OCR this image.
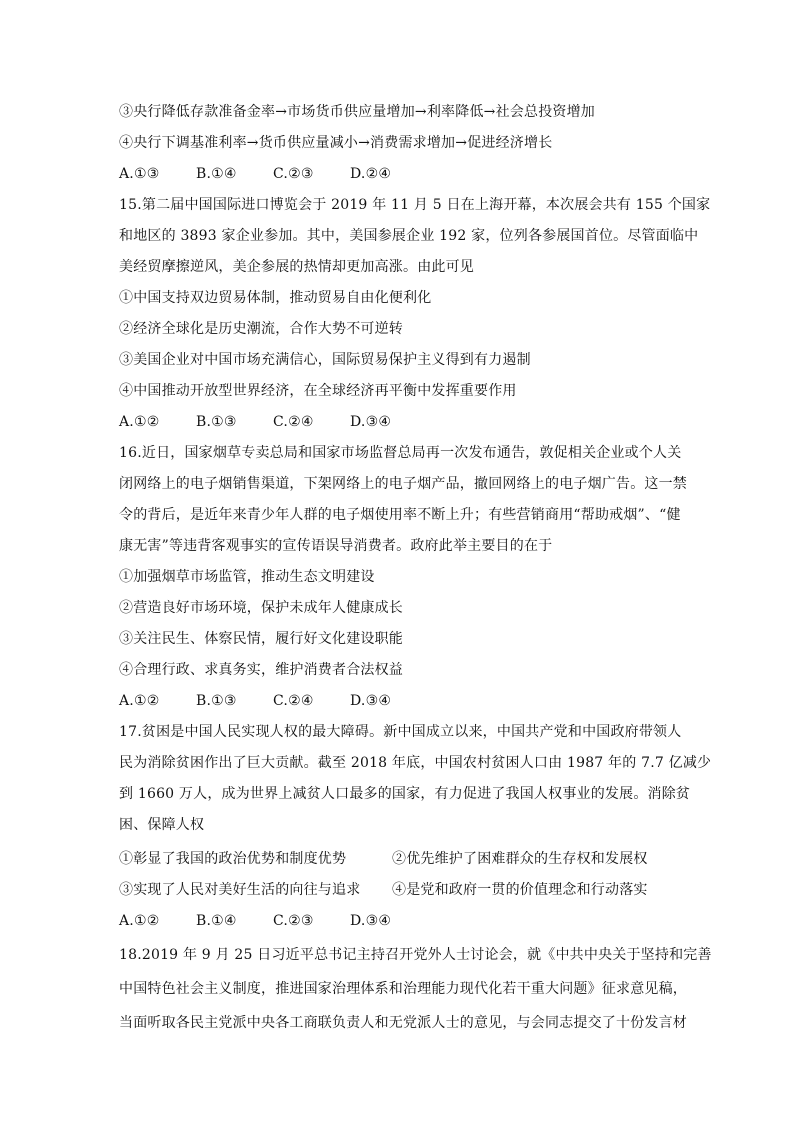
③央行降低存款准备金率→市场货币供应量增加→利率降低→社会总投资增加
④央行下调基准利率→货币供应量减小→消费需求增加→促进经济增长
A.①③	B.①④	C.②③	D.②④
15.第二届中国国际进口博览会于 2019 年 11 月 5 日在上海开幕，本次展会共有 155 个国家
和地区的 3893 家企业参加。其中，美国参展企业 192 家，位列各参展国首位。尽管面临中
美经贸摩擦逆风，美企参展的热情却更加高涨。由此可见
①中国支持双边贸易体制，推动贸易自由化便利化
②经济全球化是历史潮流，合作大势不可逆转
③美国企业对中国市场充满信心，国际贸易保护主义得到有力遏制
④中国推动开放型世界经济，在全球经济再平衡中发挥重要作用
A.①②	B.①③	C.②④	D.③④
16.近日，国家烟草专卖总局和国家市场监督总局再一次发布通告，敦促相关企业或个人关
闭网络上的电子烟销售渠道，下架网络上的电子烟产品，撤回网络上的电子烟广告。这一禁
令的背后，是近年来青少年人群的电子烟使用率不断上升；有些营销商用“帮助戒烟”、“健
康无害”等违背客观事实的宣传语误导消费者。政府此举主要目的在于
①加强烟草市场监管，推动生态文明建设
②营造良好市场环境，保护未成年人健康成长
③关注民生、体察民情，履行好文化建设职能
④合理行政、求真务实，维护消费者合法权益
A.①②	B.①③	C.②④	D.③④
17.贫困是中国人民实现人权的最大障碍。新中国成立以来，中国共产党和中国政府带领人
民为消除贫困作出了巨大贡献。截至 2018 年底，中国农村贫困人口由 1987 年的 7.7 亿减少
到 1660 万人，成为世界上减贫人口最多的国家，有力促进了我国人权事业的发展。消除贫
困、保障人权
①彰显了我国的政治优势和制度优势	②优先维护了困难群众的生存权和发展权
③实现了人民对美好生活的向往与追求 ④是党和政府一贯的价值理念和行动落实
A.①②	B.①④	C.②③	D.③④
18.2019 年 9 月 25 日习近平总书记主持召开党外人士讨论会，就《中共中央关于坚持和完善
中国特色社会主义制度，推进国家治理体系和治理能力现代化若干重大问题》征求意见稿，
当面听取各民主党派中央各工商联负责人和无党派人士的意见，与会同志提交了十份发言材
